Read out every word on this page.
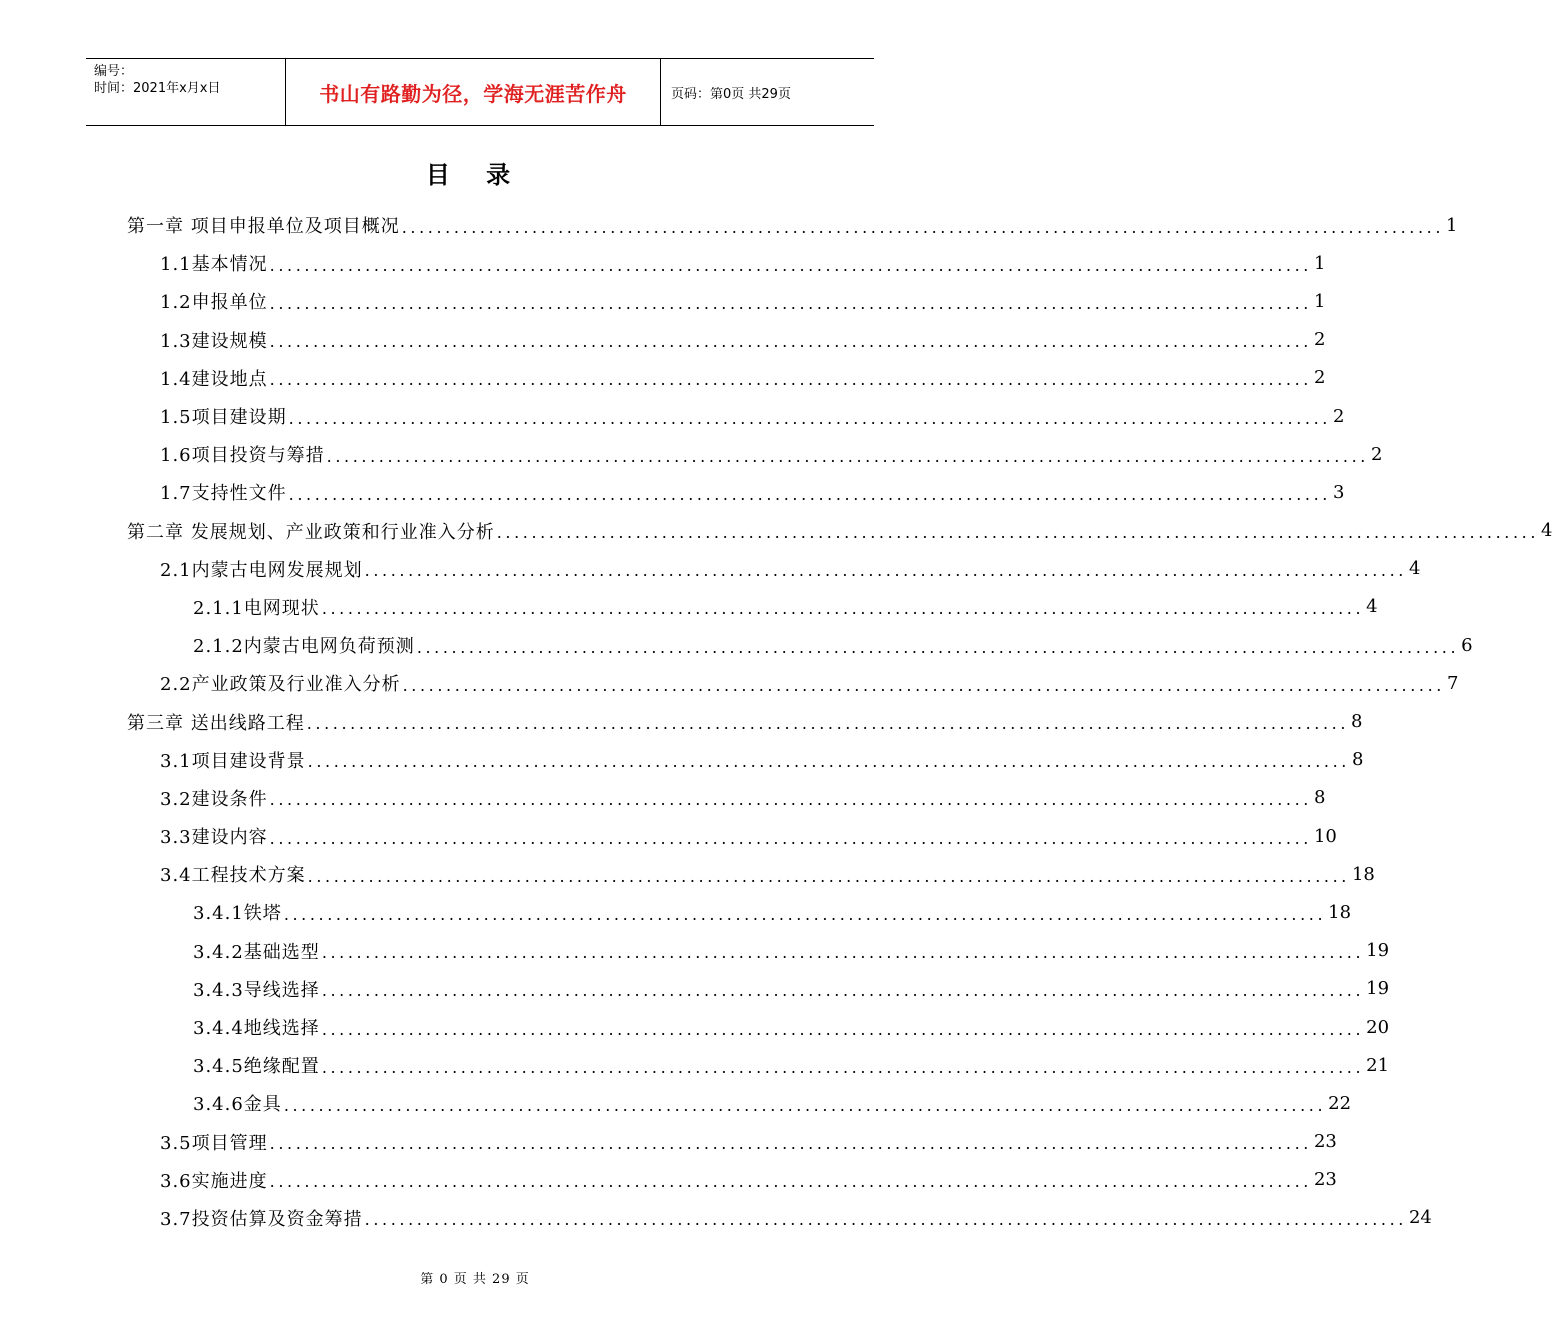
编号：
时间：2021年x月x日	书山有路勤为径，学海无涯苦作舟	页码：第0页 共29页
目 录
第一章 项目申报单位及项目概况 ........................................................................................................................ 1
1.1基本情况 ........................................................................................................................ 1
1.2申报单位 ........................................................................................................................ 1
1.3建设规模 ........................................................................................................................ 2
1.4建设地点 ........................................................................................................................ 2
1.5项目建设期 ........................................................................................................................ 2
1.6项目投资与筹措 ........................................................................................................................ 2
1.7支持性文件 ........................................................................................................................ 3
第二章 发展规划、产业政策和行业准入分析 ........................................................................................................................ 4
2.1内蒙古电网发展规划 ........................................................................................................................ 4
2.1.1电网现状 ........................................................................................................................ 4
2.1.2内蒙古电网负荷预测 ........................................................................................................................ 6
2.2产业政策及行业准入分析 ........................................................................................................................ 7
第三章 送出线路工程 ........................................................................................................................ 8
3.1项目建设背景 ........................................................................................................................ 8
3.2建设条件 ........................................................................................................................ 8
3.3建设内容 ........................................................................................................................ 10
3.4工程技术方案 ........................................................................................................................ 18
3.4.1铁塔 ........................................................................................................................ 18
3.4.2基础选型 ........................................................................................................................ 19
3.4.3导线选择 ........................................................................................................................ 19
3.4.4地线选择 ........................................................................................................................ 20
3.4.5绝缘配置 ........................................................................................................................ 21
3.4.6金具 ........................................................................................................................ 22
3.5项目管理 ........................................................................................................................ 23
3.6实施进度 ........................................................................................................................ 23
3.7投资估算及资金筹措 ........................................................................................................................ 24
第 0 页 共 29 页
